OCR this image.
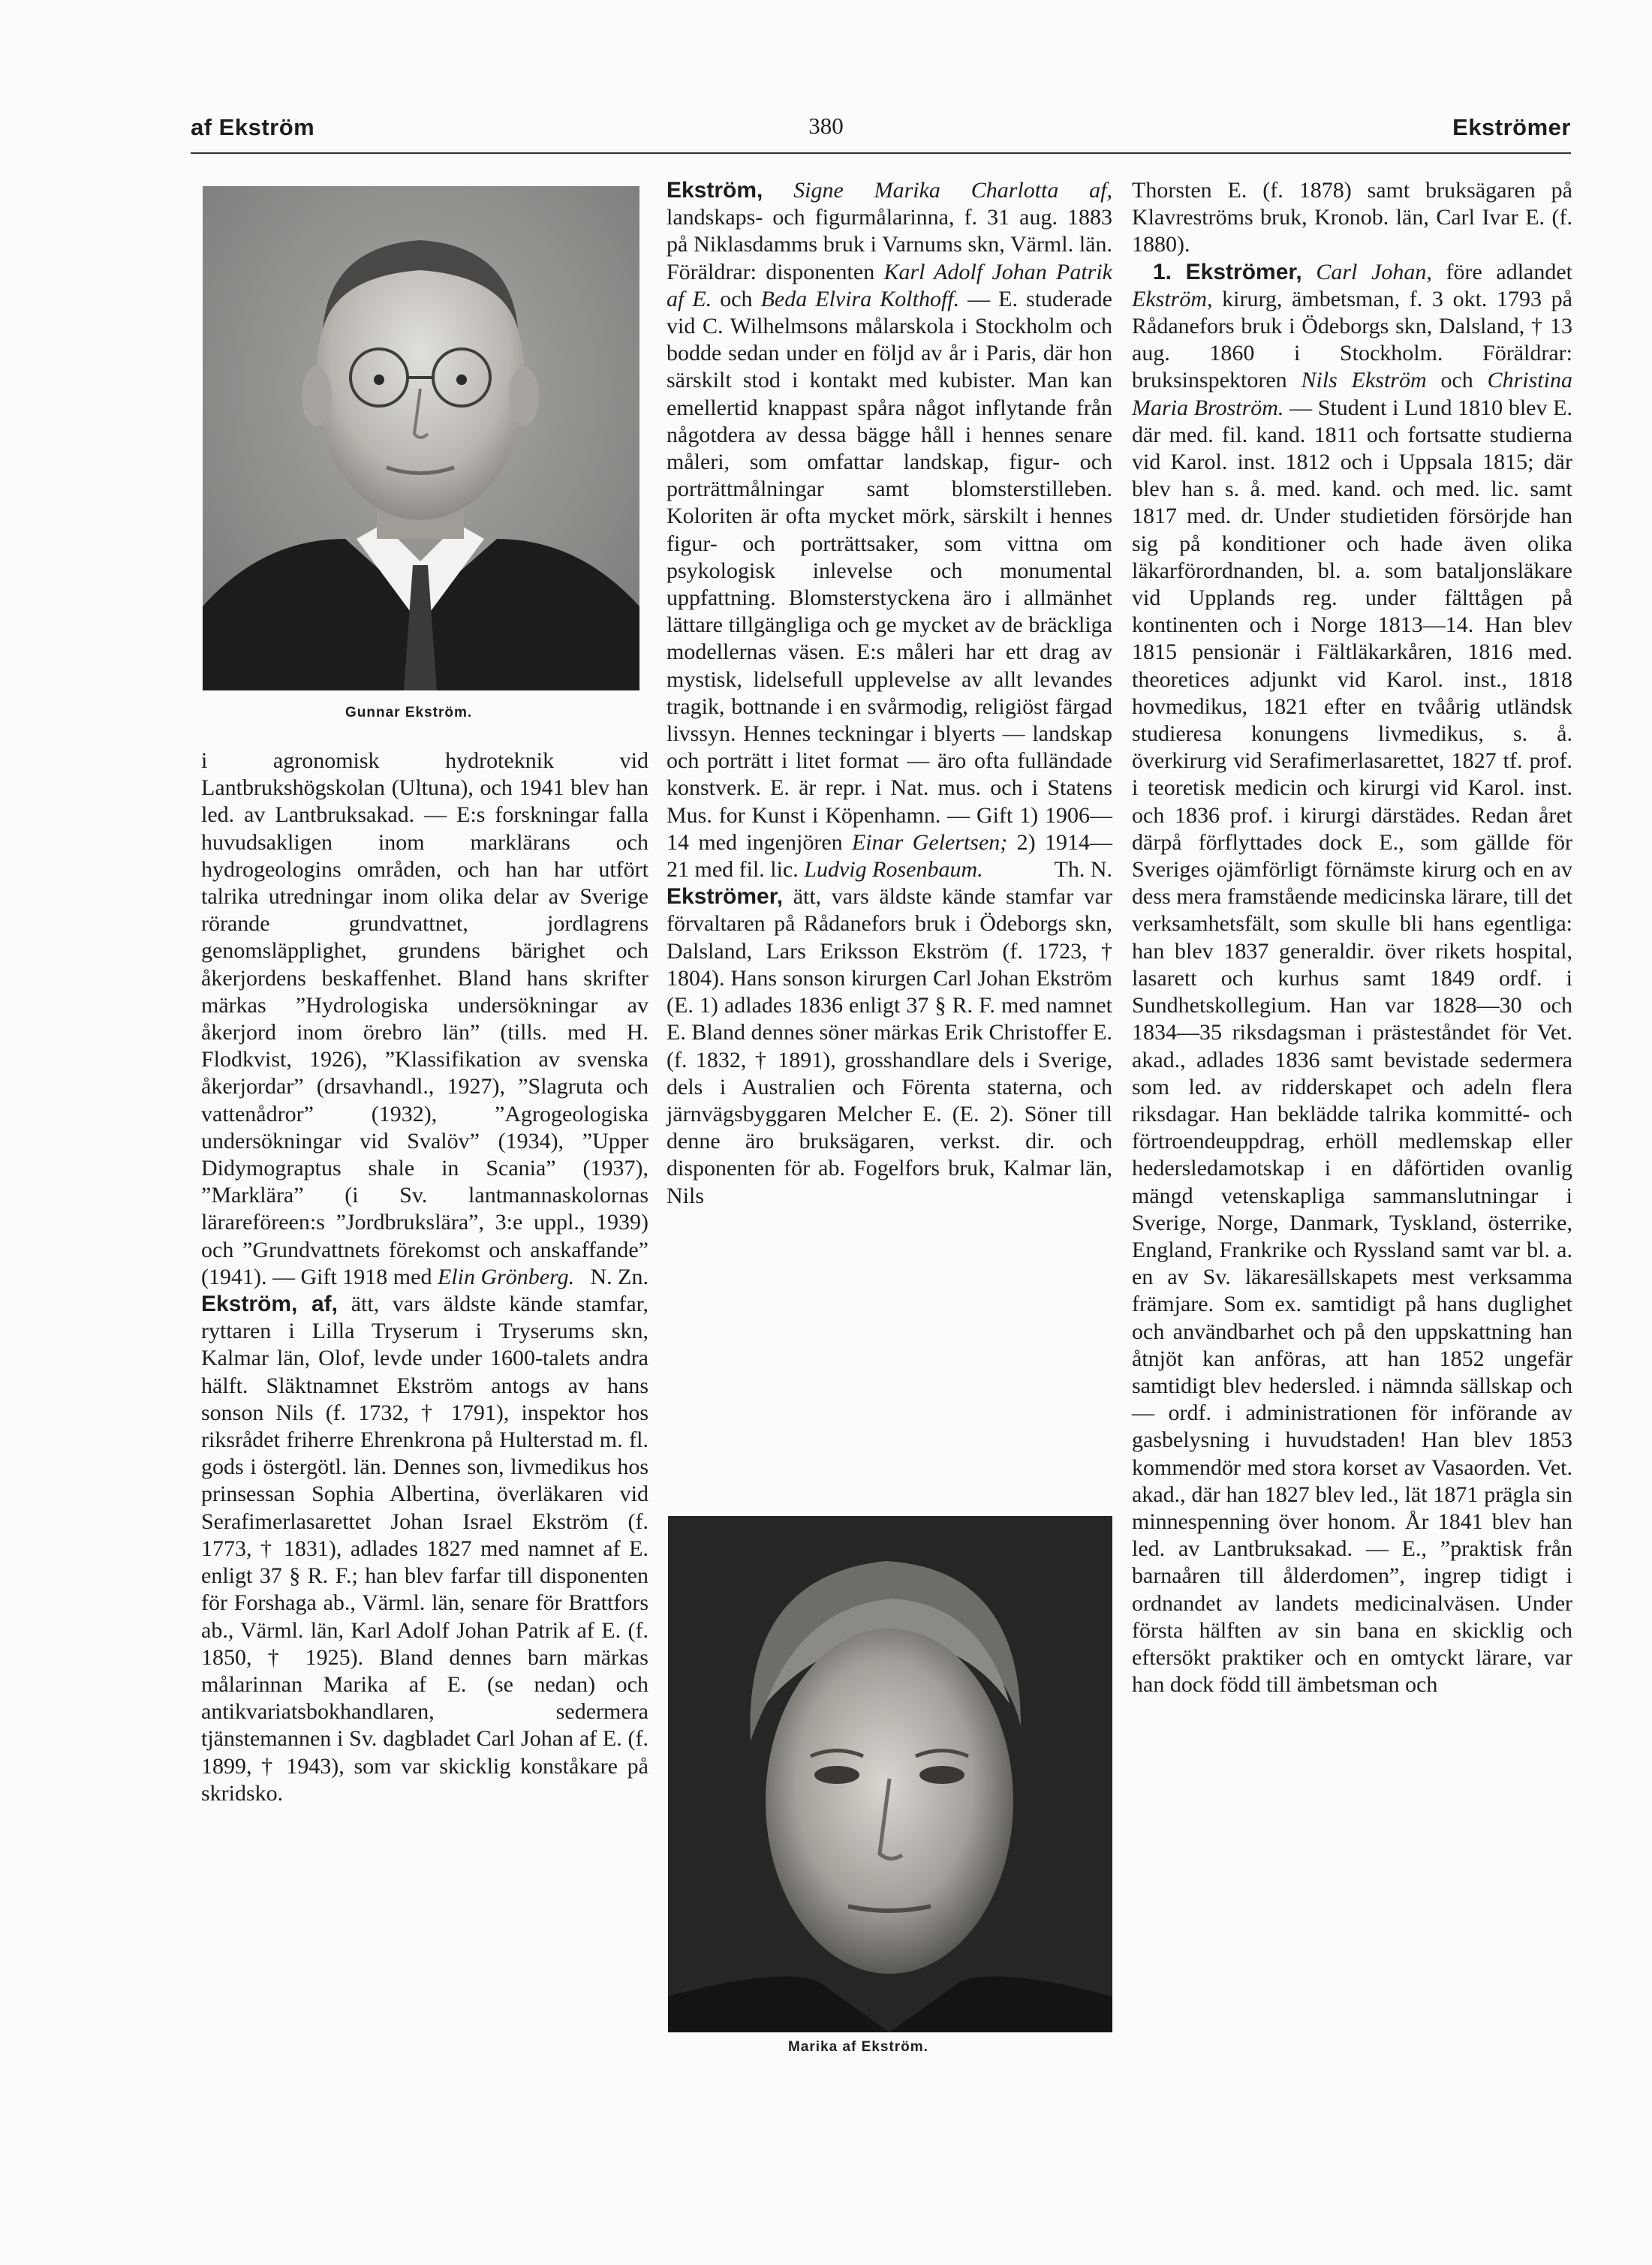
af Ekström	380	Ekströmer
Gunnar Ekström.
Marika af Ekström.

i agronomisk hydroteknik vid Lantbrukshögskolan (Ultuna), och 1941 blev han led. av Lantbruksakad. — E:s forskningar falla huvudsakligen inom marklärans och hydrogeologins områden, och han har utfört talrika utredningar inom olika delar av Sverige rörande grundvattnet, jordlagrens genomsläpplighet, grundens bärighet och åkerjordens beskaffenhet. Bland hans skrifter märkas ”Hydrologiska undersökningar av åkerjord inom örebro län” (tills. med H. Flodkvist, 1926), ”Klassifikation av svenska åkerjordar” (drsavhandl., 1927), ”Slagruta och vattenådror” (1932), ”Agrogeologiska undersökningar vid Svalöv” (1934), ”Upper Didymograptus shale in Scania” (1937), ”Marklära” (i Sv. lantmannaskolornas lärareföreen:s ”Jordbrukslära”, 3:e uppl., 1939) och ”Grundvattnets förekomst och anskaffande” (1941). — Gift 1918 med Elin Grönberg. N. Zn.

Ekström, af, ätt, vars äldste kände stamfar, ryttaren i Lilla Tryserum i Tryserums skn, Kalmar län, Olof, levde under 1600-talets andra hälft. Släktnamnet Ekström antogs av hans sonson Nils (f. 1732, † 1791), inspektor hos riksrådet friherre Ehrenkrona på Hulterstad m. fl. gods i östergötl. län. Dennes son, livmedikus hos prinsessan Sophia Albertina, överläkaren vid Serafimerlasarettet Johan Israel Ekström (f. 1773, † 1831), adlades 1827 med namnet af E. enligt 37 § R. F.; han blev farfar till disponenten för Forshaga ab., Värml. län, senare för Brattfors ab., Värml. län, Karl Adolf Johan Patrik af E. (f. 1850, † 1925). Bland dennes barn märkas målarinnan Marika af E. (se nedan) och antikvariatsbokhandlaren, sedermera tjänstemannen i Sv. dagbladet Carl Johan af E. (f. 1899, † 1943), som var skicklig konståkare på skridsko.

Ekström, Signe Marika Charlotta af, landskaps- och figurmålarinna, f. 31 aug. 1883 på Niklasdamms bruk i Varnums skn, Värml. län. Föräldrar: disponenten Karl Adolf Johan Patrik af E. och Beda Elvira Kolthoff. — E. studerade vid C. Wilhelmsons målarskola i Stockholm och bodde sedan under en följd av år i Paris, där hon särskilt stod i kontakt med kubister. Man kan emellertid knappast spåra något inflytande från någotdera av dessa bägge håll i hennes senare måleri, som omfattar landskap, figur- och porträttmålningar samt blomsterstilleben. Koloriten är ofta mycket mörk, särskilt i hennes figur- och porträttsaker, som vittna om psykologisk inlevelse och monumental uppfattning. Blomsterstyckena äro i allmänhet lättare tillgängliga och ge mycket av de bräckliga modellernas väsen. E:s måleri har ett drag av mystisk, lidelsefull upplevelse av allt levandes tragik, bottnande i en svårmodig, religiöst färgad livssyn. Hennes teckningar i blyerts — landskap och porträtt i litet format — äro ofta fulländade konstverk. E. är repr. i Nat. mus. och i Statens Mus. for Kunst i Köpenhamn. — Gift 1) 1906—14 med ingenjören Einar Gelertsen; 2) 1914—21 med fil. lic. Ludvig Rosenbaum.	Th. N.

Ekströmer, ätt, vars äldste kände stamfar var förvaltaren på Rådanefors bruk i Ödeborgs skn, Dalsland, Lars Eriksson Ekström (f. 1723, † 1804). Hans sonson kirurgen Carl Johan Ekström (E. 1) adlades 1836 enligt 37 § R. F. med namnet E. Bland dennes söner märkas Erik Christoffer E. (f. 1832, † 1891), grosshandlare dels i Sverige, dels i Australien och Förenta staterna, och järnvägsbyggaren Melcher E. (E. 2). Söner till denne äro bruksägaren, verkst. dir. och disponenten för ab. Fogelfors bruk, Kalmar län, Nils

Thorsten E. (f. 1878) samt bruksägaren på Klavreströms bruk, Kronob. län, Carl Ivar E. (f. 1880).

1. Ekströmer, Carl Johan, före adlandet Ekström, kirurg, ämbetsman, f. 3 okt. 1793 på Rådanefors bruk i Ödeborgs skn, Dalsland, † 13 aug. 1860 i Stockholm. Föräldrar: bruksinspektoren Nils Ekström och Christina Maria Broström. — Student i Lund 1810 blev E. där med. fil. kand. 1811 och fortsatte studierna vid Karol. inst. 1812 och i Uppsala 1815; där blev han s. å. med. kand. och med. lic. samt 1817 med. dr. Under studietiden försörjde han sig på konditioner och hade även olika läkarförordnanden, bl. a. som bataljonsläkare vid Upplands reg. under fälttågen på kontinenten och i Norge 1813—14. Han blev 1815 pensionär i Fältläkarkåren, 1816 med. theoretices adjunkt vid Karol. inst., 1818 hovmedikus, 1821 efter en tvåårig utländsk studieresa konungens livmedikus, s. å. överkirurg vid Serafimerlasarettet, 1827 tf. prof. i teoretisk medicin och kirurgi vid Karol. inst. och 1836 prof. i kirurgi därstädes. Redan året därpå förflyttades dock E., som gällde för Sveriges ojämförligt förnämste kirurg och en av dess mera framstående medicinska lärare, till det verksamhetsfält, som skulle bli hans egentliga: han blev 1837 generaldir. över rikets hospital, lasarett och kurhus samt 1849 ordf. i Sundhetskollegium. Han var 1828—30 och 1834—35 riksdagsman i prästeståndet för Vet. akad., adlades 1836 samt bevistade sedermera som led. av ridderskapet och adeln flera riksdagar. Han beklädde talrika kommitté- och förtroendeuppdrag, erhöll medlemskap eller hedersledamotskap i en dåförtiden ovanlig mängd vetenskapliga sammanslutningar i Sverige, Norge, Danmark, Tyskland, österrike, England, Frankrike och Ryssland samt var bl. a. en av Sv. läkaresällskapets mest verksamma främjare. Som ex. samtidigt på hans duglighet och användbarhet och på den uppskattning han åtnjöt kan anföras, att han 1852 ungefär samtidigt blev hedersled. i nämnda sällskap och — ordf. i administrationen för införande av gasbelysning i huvudstaden! Han blev 1853 kommendör med stora korset av Vasaorden. Vet. akad., där han 1827 blev led., lät 1871 prägla sin minnespenning över honom. År 1841 blev han led. av Lantbruksakad. — E., ”praktisk från barnaåren till ålderdomen”, ingrep tidigt i ordnandet av landets medicinalväsen. Under första hälften av sin bana en skicklig och eftersökt praktiker och en omtyckt lärare, var han dock född till ämbetsman och
